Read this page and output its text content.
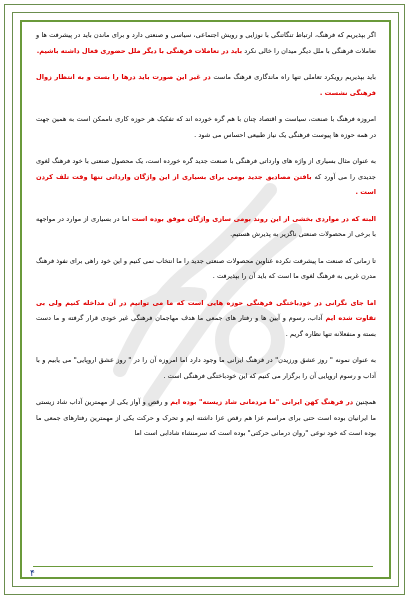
اگر بپذیریم که فرهنگ، ارتباط تنگاتنگی با نوزایی و رویش اجتماعی، سیاسی و صنعتی دارد و برای ماندن باید در پیشرفت ها و تعاملات فرهنگی با ملل دیگر میدان را خالی نکرد باید در تعاملات فرهنگی با دیگر ملل حضوری فعال داشته باشیم.

باید بپذیریم رویکرد تعاملی تنها راه ماندگاری فرهنگ ماست در غیر این صورت باید درها را بست و به انتظار زوال فرهنگی نشست .

امروزه فرهنگ با صنعت، سیاست و اقتصاد چنان با هم گره خورده اند که تفکیک هر حوزه کاری ناممکن است به همین جهت در همه حوزه ها پیوست فرهنگی یک نیاز طبیعی احساس می شود .

به عنوان مثال بسیاری از واژه های وارداتی فرهنگی با صنعت جدید گره خورده است، یک محصول صنعتی با خود فرهنگ لغوی جدیدی را می آورد که بافتن مصادیق جدید بومی برای بسیاری از این واژگان وارداتی تنها وقت تلف کردن است .

البته که در مواردی بخشی از این روند بومی سازی واژگان موفق بوده است اما در بسیاری از موارد در مواجهه با برخی از محصولات صنعتی ناگزیر به پذیرش هستیم.

تا زمانی که صنعت ما پیشرفت نکرده عناوین محصولات صنعتی جدید را ما انتخاب نمی کنیم و این خود راهی برای نفوذ فرهنگ مدرن غربی به فرهنگ لغوی ما است که باید آن را بپذیرفت .

اما جای نگرانی در خودباختگی فرهنگی حوزه هایی است که ما می توانیم در آن مداخله کنیم ولی بی تفاوت شده ایم آداب، رسوم و آیین ها و رفتار های جمعی ما هدف مهاجمان فرهنگی غیر خودی قرار گرفته و ما دست بسته و منفعلانه تنها نظاره گریم .

به عنوان نمونه " روز عشق ورزیدن" در فرهنگ ایرانی ما وجود دارد اما امروزه آن را در " روز عشق اروپایی" می یابیم و با آداب و رسوم اروپایی آن را برگزار می کنیم که این خودباختگی فرهنگی است .

همچنین در فرهنگ کهن ایرانی "ما مردمانی شاد زیسته" بوده ایم و رقص و آواز یکی از مهمترین آداب شاد زیستی ما ایرانیان بوده است حتی برای مراسم عزا هم رقص عزا داشته ایم و تحرک و حرکت یکی از مهمترین رفتارهای جمعی ما بوده است که خود نوعی "روان درمانی حرکتی" بوده است که سرمنشاء شادابی است اما

۴
